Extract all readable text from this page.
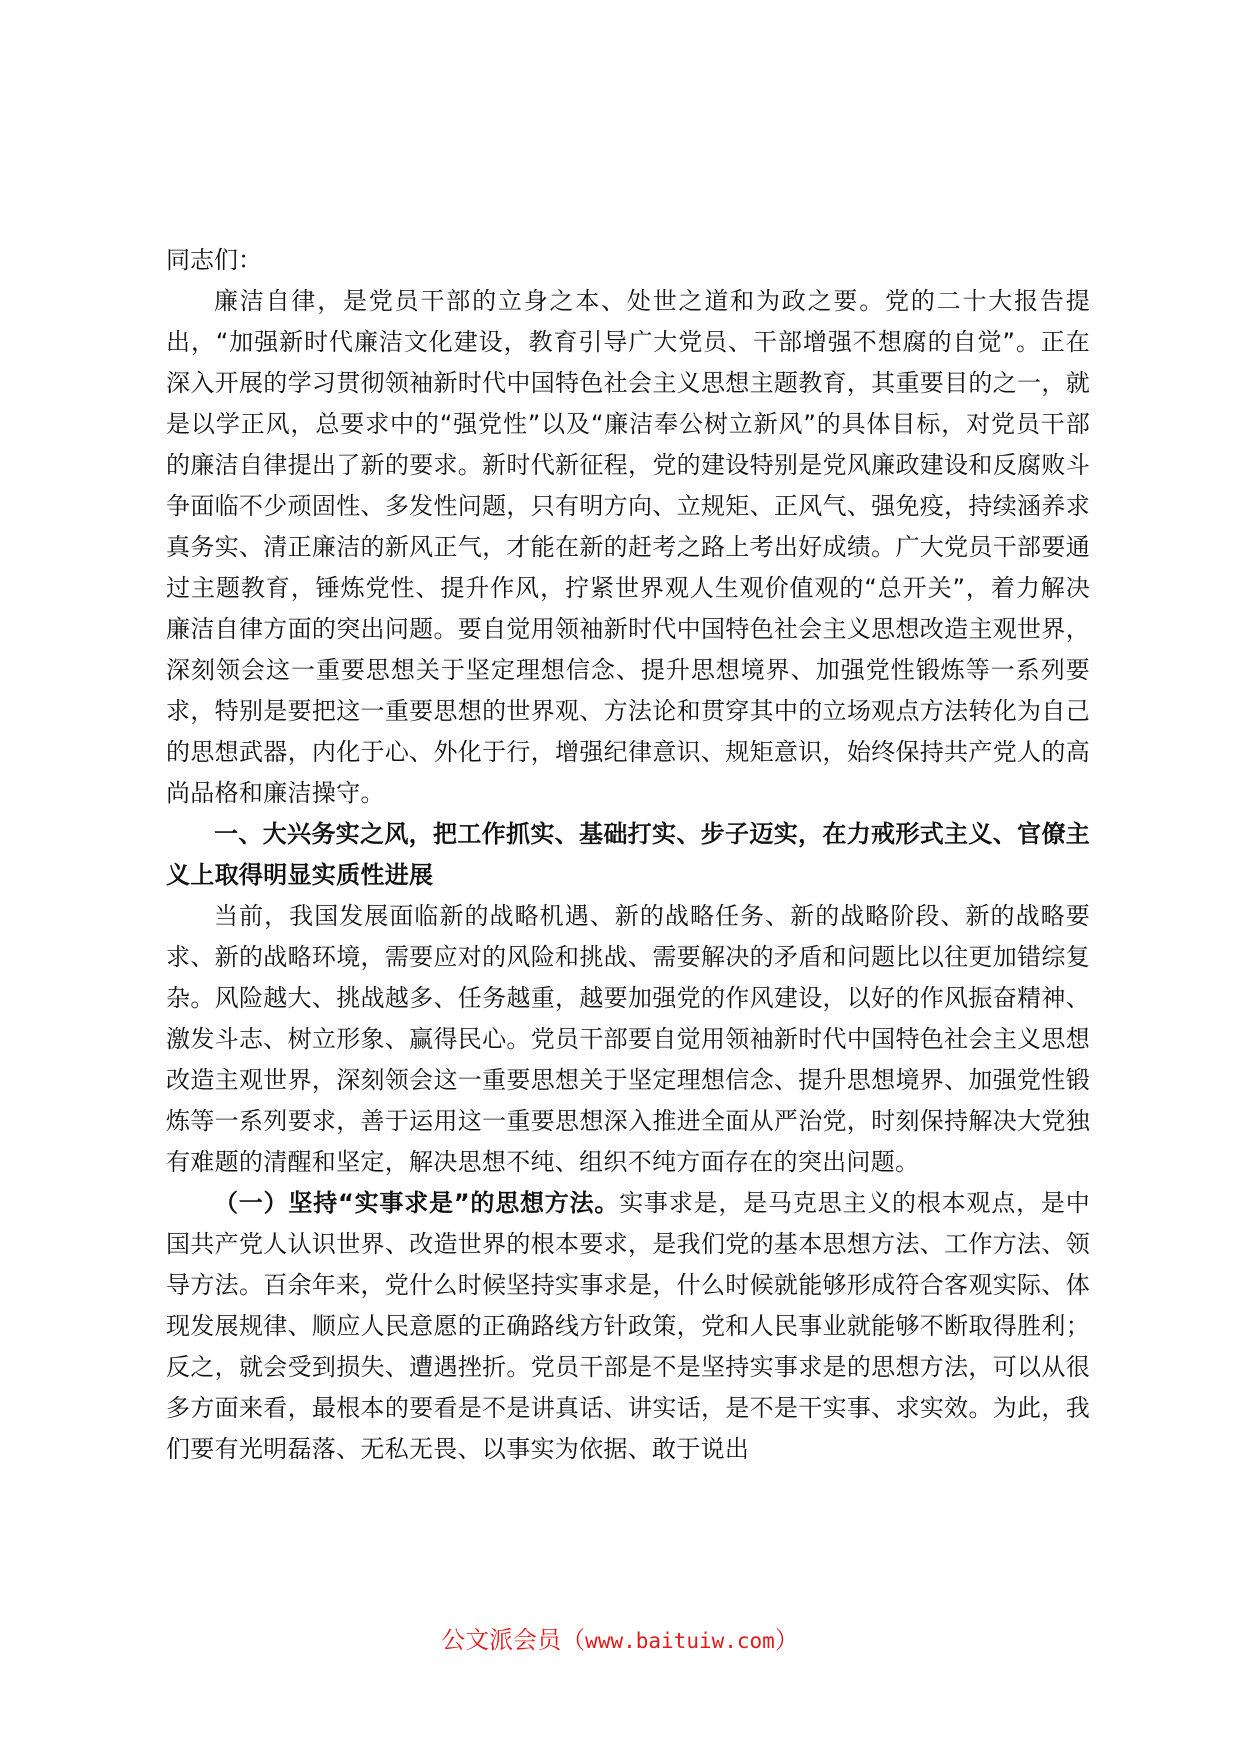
同志们：

廉洁自律，是党员干部的立身之本、处世之道和为政之要。党的二十大报告提出，“加强新时代廉洁文化建设，教育引导广大党员、干部增强不想腐的自觉”。正在深入开展的学习贯彻领袖新时代中国特色社会主义思想主题教育，其重要目的之一，就是以学正风，总要求中的“强党性”以及“廉洁奉公树立新风”的具体目标，对党员干部的廉洁自律提出了新的要求。新时代新征程，党的建设特别是党风廉政建设和反腐败斗争面临不少顽固性、多发性问题，只有明方向、立规矩、正风气、强免疫，持续涵养求真务实、清正廉洁的新风正气，才能在新的赶考之路上考出好成绩。广大党员干部要通过主题教育，锤炼党性、提升作风，拧紧世界观人生观价值观的“总开关”，着力解决廉洁自律方面的突出问题。要自觉用领袖新时代中国特色社会主义思想改造主观世界，深刻领会这一重要思想关于坚定理想信念、提升思想境界、加强党性锻炼等一系列要求，特别是要把这一重要思想的世界观、方法论和贯穿其中的立场观点方法转化为自己的思想武器，内化于心、外化于行，增强纪律意识、规矩意识，始终保持共产党人的高尚品格和廉洁操守。

一、大兴务实之风，把工作抓实、基础打实、步子迈实，在力戒形式主义、官僚主义上取得明显实质性进展

当前，我国发展面临新的战略机遇、新的战略任务、新的战略阶段、新的战略要求、新的战略环境，需要应对的风险和挑战、需要解决的矛盾和问题比以往更加错综复杂。风险越大、挑战越多、任务越重，越要加强党的作风建设，以好的作风振奋精神、激发斗志、树立形象、赢得民心。党员干部要自觉用领袖新时代中国特色社会主义思想改造主观世界，深刻领会这一重要思想关于坚定理想信念、提升思想境界、加强党性锻炼等一系列要求，善于运用这一重要思想深入推进全面从严治党，时刻保持解决大党独有难题的清醒和坚定，解决思想不纯、组织不纯方面存在的突出问题。

（一）坚持“实事求是”的思想方法。实事求是，是马克思主义的根本观点，是中国共产党人认识世界、改造世界的根本要求，是我们党的基本思想方法、工作方法、领导方法。百余年来，党什么时候坚持实事求是，什么时候就能够形成符合客观实际、体现发展规律、顺应人民意愿的正确路线方针政策，党和人民事业就能够不断取得胜利；反之，就会受到损失、遭遇挫折。党员干部是不是坚持实事求是的思想方法，可以从很多方面来看，最根本的要看是不是讲真话、讲实话，是不是干实事、求实效。为此，我们要有光明磊落、无私无畏、以事实为依据、敢于说出

公文派会员（www.baituiw.com）
